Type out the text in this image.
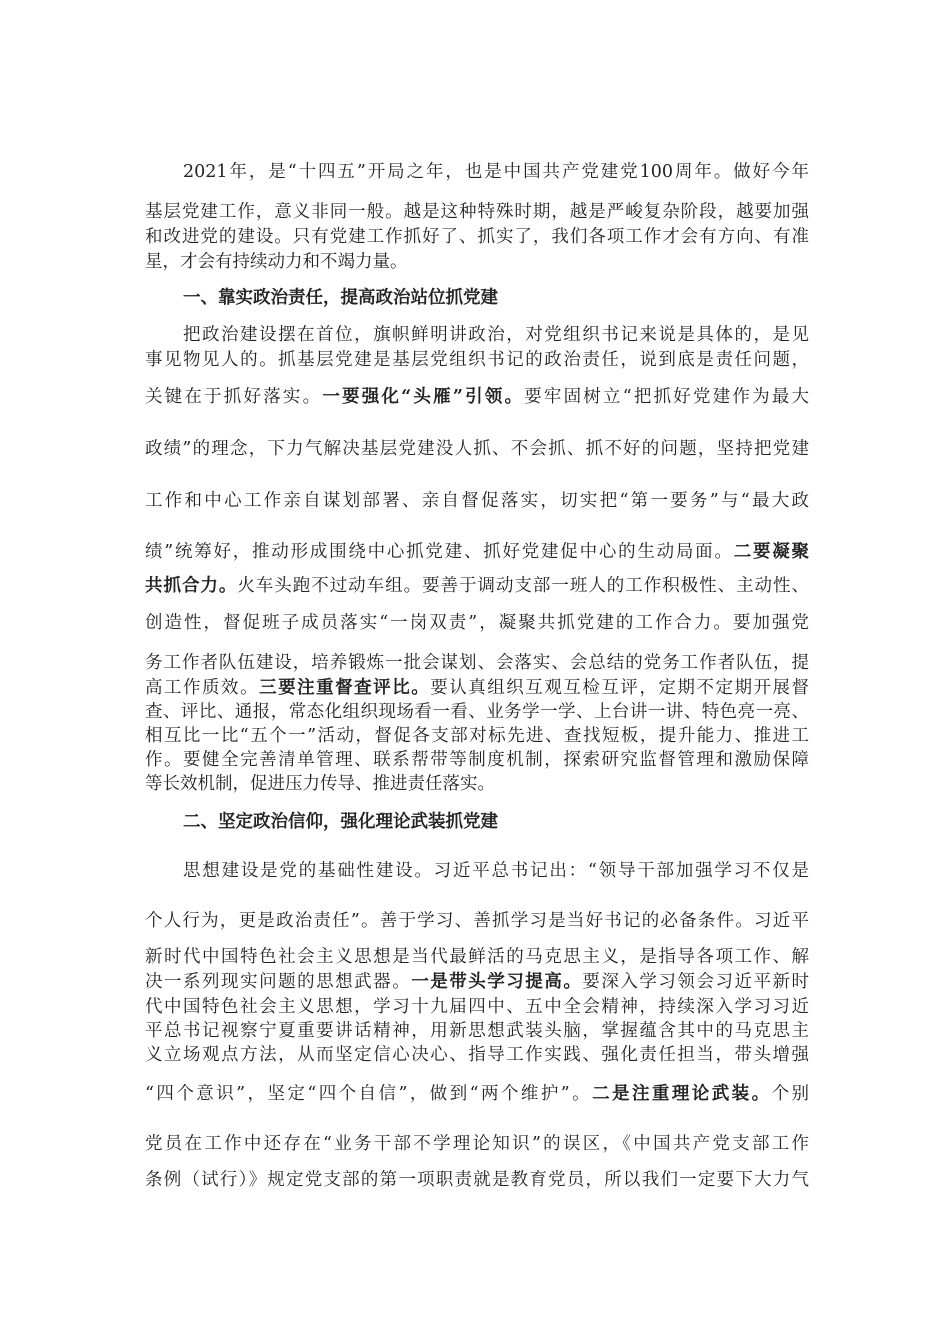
2021年，是“十四五”开局之年，也是中国共产党建党100周年。做好今年
基层党建工作，意义非同一般。越是这种特殊时期，越是严峻复杂阶段，越要加强
和改进党的建设。只有党建工作抓好了、抓实了，我们各项工作才会有方向、有准
星，才会有持续动力和不竭力量。
一、靠实政治责任，提高政治站位抓党建
把政治建设摆在首位，旗帜鲜明讲政治，对党组织书记来说是具体的，是见
事见物见人的。抓基层党建是基层党组织书记的政治责任，说到底是责任问题，
关键在于抓好落实。一要强化“头雁”引领。要牢固树立“把抓好党建作为最大
政绩”的理念，下力气解决基层党建没人抓、不会抓、抓不好的问题，坚持把党建
工作和中心工作亲自谋划部署、亲自督促落实，切实把“第一要务”与“最大政
绩”统筹好，推动形成围绕中心抓党建、抓好党建促中心的生动局面。二要凝聚
共抓合力。火车头跑不过动车组。要善于调动支部一班人的工作积极性、主动性、
创造性，督促班子成员落实“一岗双责”，凝聚共抓党建的工作合力。要加强党
务工作者队伍建设，培养锻炼一批会谋划、会落实、会总结的党务工作者队伍，提
高工作质效。三要注重督查评比。要认真组织互观互检互评，定期不定期开展督
查、评比、通报，常态化组织现场看一看、业务学一学、上台讲一讲、特色亮一亮、
相互比一比“五个一”活动，督促各支部对标先进、查找短板，提升能力、推进工
作。要健全完善清单管理、联系帮带等制度机制，探索研究监督管理和激励保障
等长效机制，促进压力传导、推进责任落实。
二、坚定政治信仰，强化理论武装抓党建
思想建设是党的基础性建设。习近平总书记出：“领导干部加强学习不仅是
个人行为，更是政治责任”。善于学习、善抓学习是当好书记的必备条件。习近平
新时代中国特色社会主义思想是当代最鲜活的马克思主义，是指导各项工作、解
决一系列现实问题的思想武器。一是带头学习提高。要深入学习领会习近平新时
代中国特色社会主义思想，学习十九届四中、五中全会精神，持续深入学习习近
平总书记视察宁夏重要讲话精神，用新思想武装头脑，掌握蕴含其中的马克思主
义立场观点方法，从而坚定信心决心、指导工作实践、强化责任担当，带头增强
“四个意识”，坚定“四个自信”，做到“两个维护”。二是注重理论武装。个别
党员在工作中还存在“业务干部不学理论知识”的误区，《中国共产党支部工作
条例（试行）》规定党支部的第一项职责就是教育党员，所以我们一定要下大力气
